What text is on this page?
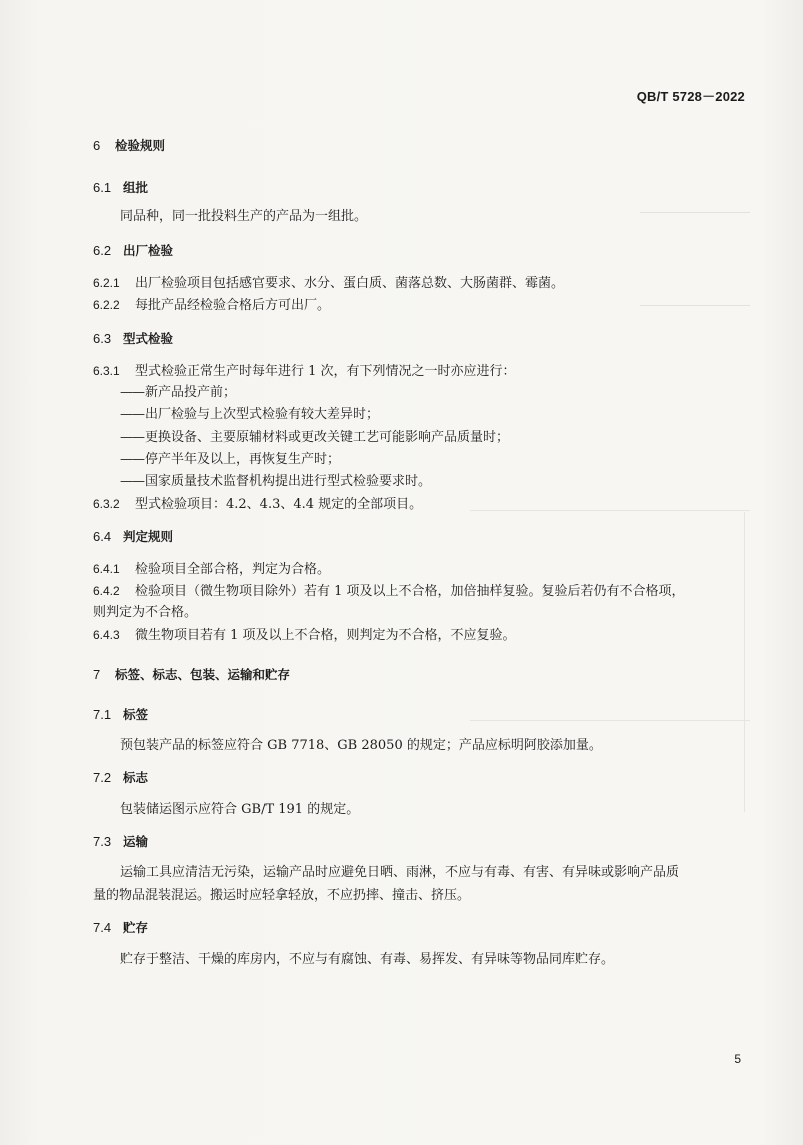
QB/T 5728－2022
6 检验规则
6.1 组批
同品种，同一批投料生产的产品为一组批。
6.2 出厂检验
6.2.1 出厂检验项目包括感官要求、水分、蛋白质、菌落总数、大肠菌群、霉菌。
6.2.2 每批产品经检验合格后方可出厂。
6.3 型式检验
6.3.1 型式检验正常生产时每年进行 1 次，有下列情况之一时亦应进行：
——新产品投产前；
——出厂检验与上次型式检验有较大差异时；
——更换设备、主要原辅材料或更改关键工艺可能影响产品质量时；
——停产半年及以上，再恢复生产时；
——国家质量技术监督机构提出进行型式检验要求时。
6.3.2 型式检验项目：4.2、4.3、4.4 规定的全部项目。
6.4 判定规则
6.4.1 检验项目全部合格，判定为合格。
6.4.2 检验项目（微生物项目除外）若有 1 项及以上不合格，加倍抽样复验。复验后若仍有不合格项，
则判定为不合格。
6.4.3 微生物项目若有 1 项及以上不合格，则判定为不合格，不应复验。
7 标签、标志、包装、运输和贮存
7.1 标签
预包装产品的标签应符合 GB 7718、GB 28050 的规定；产品应标明阿胶添加量。
7.2 标志
包装储运图示应符合 GB/T 191 的规定。
7.3 运输
运输工具应清洁无污染，运输产品时应避免日晒、雨淋，不应与有毒、有害、有异味或影响产品质
量的物品混装混运。搬运时应轻拿轻放，不应扔摔、撞击、挤压。
7.4 贮存
贮存于整洁、干燥的库房内，不应与有腐蚀、有毒、易挥发、有异味等物品同库贮存。
5
